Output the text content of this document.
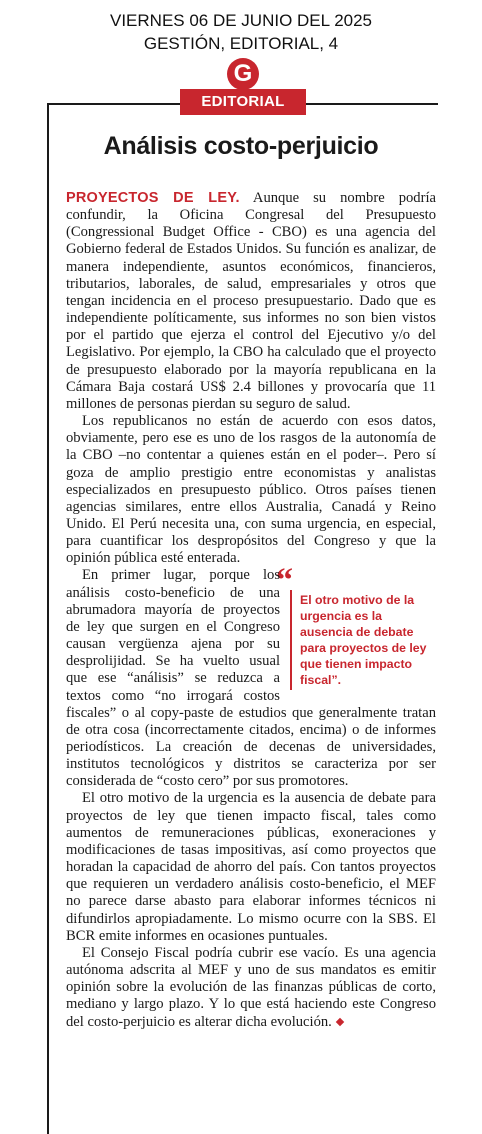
VIERNES 06 DE JUNIO DEL 2025
GESTIÓN, EDITORIAL, 4
G
EDITORIAL
Análisis costo-perjuicio

PROYECTOS DE LEY. Aunque su nombre podría confundir, la Oficina Congresal del Presupuesto (Congressional Budget Office - CBO) es una agencia del Gobierno federal de Estados Unidos. Su función es analizar, de manera independiente, asuntos económicos, financieros, tributarios, laborales, de salud, empresariales y otros que tengan incidencia en el proceso presupuestario. Dado que es independiente políticamente, sus informes no son bien vistos por el partido que ejerza el control del Ejecutivo y/o del Legislativo. Por ejemplo, la CBO ha calculado que el proyecto de presupuesto elaborado por la mayoría republicana en la Cámara Baja costará US$ 2.4 billones y provocaría que 11 millones de personas pierdan su seguro de salud.

Los republicanos no están de acuerdo con esos datos, obviamente, pero ese es uno de los rasgos de la autonomía de la CBO –no contentar a quienes están en el poder–. Pero sí goza de amplio prestigio entre economistas y analistas especializados en presupuesto público. Otros países tienen agencias similares, entre ellos Australia, Canadá y Reino Unido. El Perú necesita una, con suma urgencia, en especial, para cuantificar los despropósitos del Congreso y que la opinión pública esté enterada.

“
El otro motivo de la urgencia es la ausencia de debate para proyectos de ley que tienen impacto fiscal”.

En primer lugar, porque los análisis costo-beneficio de una abrumadora mayoría de proyectos de ley que surgen en el Congreso causan vergüenza ajena por su desprolijidad. Se ha vuelto usual que ese “análisis” se reduzca a textos como “no irrogará costos fiscales” o al copy-paste de estudios que generalmente tratan de otra cosa (incorrectamente citados, encima) o de informes periodísticos. La creación de decenas de universidades, institutos tecnológicos y distritos se caracteriza por ser considerada de “costo cero” por sus promotores.

El otro motivo de la urgencia es la ausencia de debate para proyectos de ley que tienen impacto fiscal, tales como aumentos de remuneraciones públicas, exoneraciones y modificaciones de tasas impositivas, así como proyectos que horadan la capacidad de ahorro del país. Con tantos proyectos que requieren un verdadero análisis costo-beneficio, el MEF no parece darse abasto para elaborar informes técnicos ni difundirlos apropiadamente. Lo mismo ocurre con la SBS. El BCR emite informes en ocasiones puntuales.

El Consejo Fiscal podría cubrir ese vacío. Es una agencia autónoma adscrita al MEF y uno de sus mandatos es emitir opinión sobre la evolución de las finanzas públicas de corto, mediano y largo plazo. Y lo que está haciendo este Congreso del costo-perjuicio es alterar dicha evolución.
